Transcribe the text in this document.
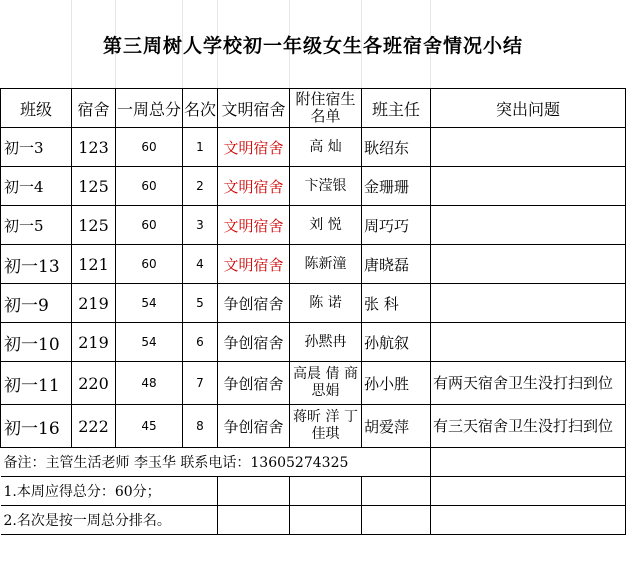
第三周树人学校初一年级女生各班宿舍情况小结
班级	宿舍	一周总分	名次	文明宿舍	附住宿生名单	班主任	突出问题
初一3	123	60	1	文明宿舍	高 灿	耿绍东	
初一4	125	60	2	文明宿舍	卞滢银	金珊珊	
初一5	125	60	3	文明宿舍	刘 悦	周巧巧	
初一13	121	60	4	文明宿舍	陈新潼	唐晓磊	
初一9	219	54	5	争创宿舍	陈 诺	张 科	
初一10	219	54	6	争创宿舍	孙黙冉	孙航叙	
初一11	220	48	7	争创宿舍	高晨 倩 商思娟	孙小胜	有两天宿舍卫生没打扫到位
初一16	222	45	8	争创宿舍	蒋昕 洋 丁佳琪	胡爱萍	有三天宿舍卫生没打扫到位
备注：主管生活老师 李玉华 联系电话：13605274325							
1.本周应得总分：60分；							
2.名次是按一周总分排名。							
